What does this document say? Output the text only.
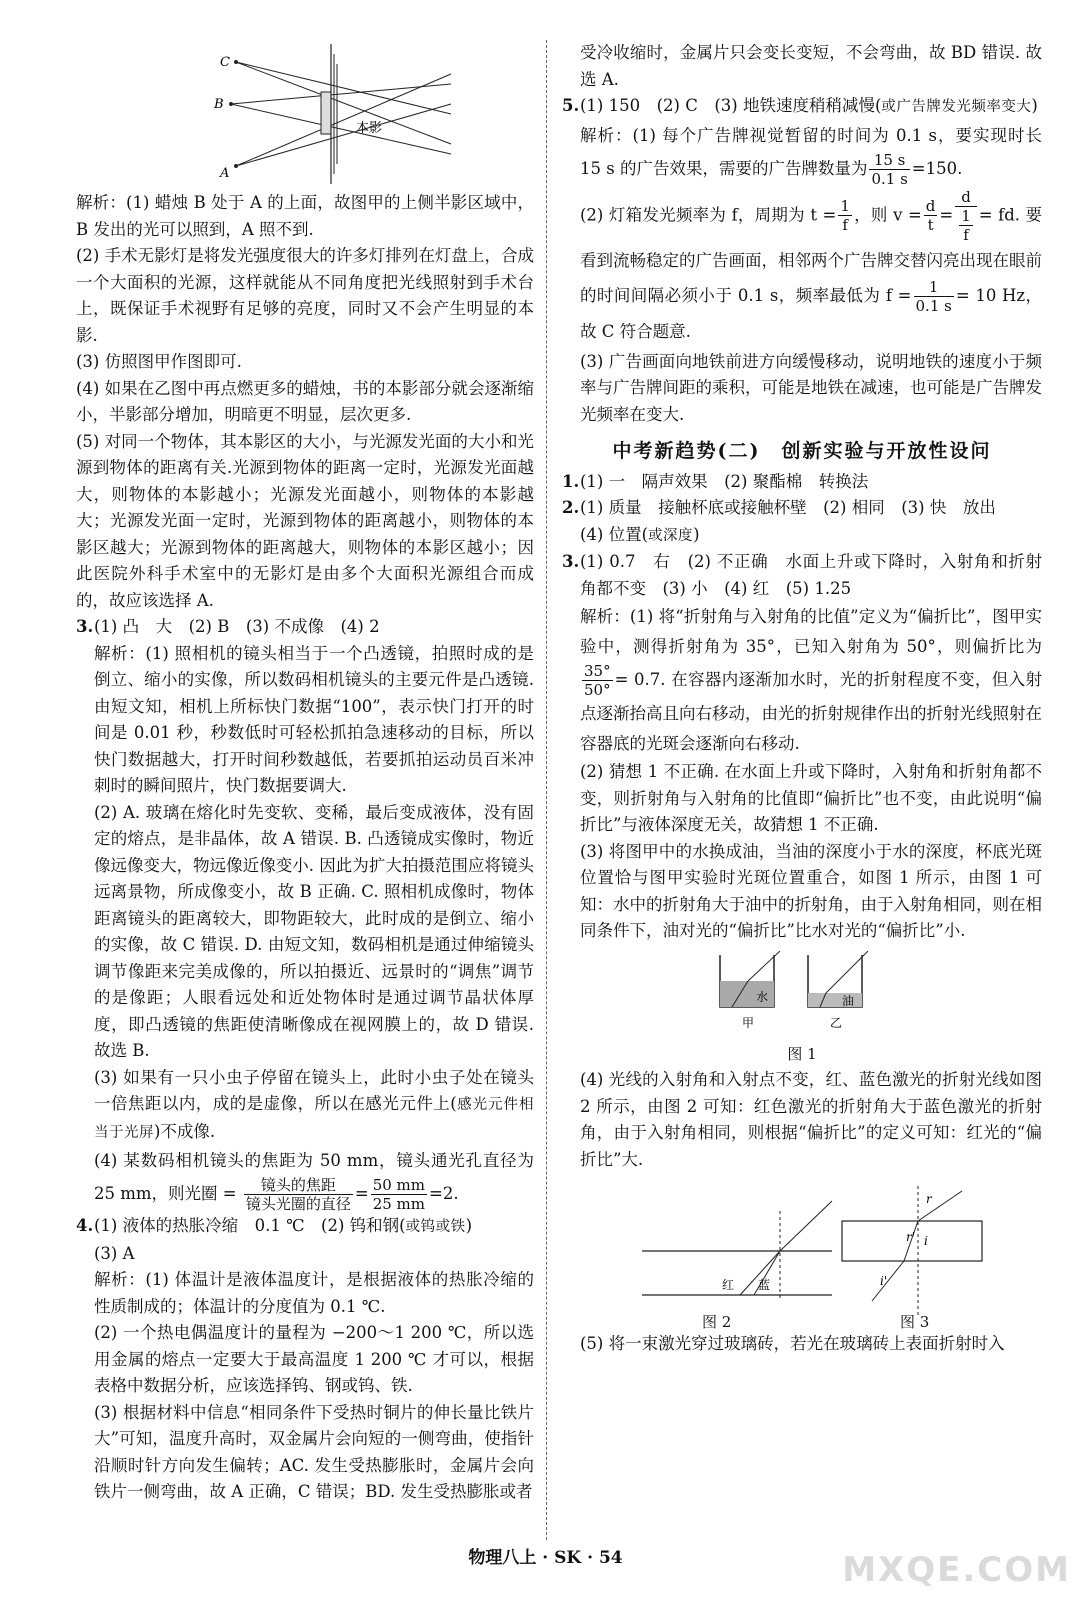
C
B
A
本影

解析：(1) 蜡烛 B 处于 A 的上面，故图甲的上侧半影区域中，B 发出的光可以照到，A 照不到.

(2) 手术无影灯是将发光强度很大的许多灯排列在灯盘上，合成一个大面积的光源，这样就能从不同角度把光线照射到手术台上，既保证手术视野有足够的亮度，同时又不会产生明显的本影.

(3) 仿照图甲作图即可.

(4) 如果在乙图中再点燃更多的蜡烛，书的本影部分就会逐渐缩小，半影部分增加，明暗更不明显，层次更多.

(5) 对同一个物体，其本影区的大小，与光源发光面的大小和光源到物体的距离有关.光源到物体的距离一定时，光源发光面越大，则物体的本影越小；光源发光面越小，则物体的本影越大；光源发光面一定时，光源到物体的距离越小，则物体的本影区越大；光源到物体的距离越大，则物体的本影区越小；因此医院外科手术室中的无影灯是由多个大面积光源组合而成的，故应该选择 A.

3.(1) 凸　大　(2) B　(3) 不成像　(4) 2

解析：(1) 照相机的镜头相当于一个凸透镜，拍照时成的是倒立、缩小的实像，所以数码相机镜头的主要元件是凸透镜. 由短文知，相机上所标快门数据“100”，表示快门打开的时间是 0.01 秒，秒数低时可轻松抓拍急速移动的目标，所以快门数据越大，打开时间秒数越低，若要抓拍运动员百米冲刺时的瞬间照片，快门数据要调大.

(2) A. 玻璃在熔化时先变软、变稀，最后变成液体，没有固定的熔点，是非晶体，故 A 错误. B. 凸透镜成实像时，物近像远像变大，物远像近像变小. 因此为扩大拍摄范围应将镜头远离景物，所成像变小，故 B 正确. C. 照相机成像时，物体距离镜头的距离较大，即物距较大，此时成的是倒立、缩小的实像，故 C 错误. D. 由短文知，数码相机是通过伸缩镜头调节像距来完美成像的，所以拍摄近、远景时的“调焦”调节的是像距；人眼看远处和近处物体时是通过调节晶状体厚度，即凸透镜的焦距使清晰像成在视网膜上的，故 D 错误. 故选 B.

(3) 如果有一只小虫子停留在镜头上，此时小虫子处在镜头一倍焦距以内，成的是虚像，所以在感光元件上(感光元件相当于光屏)不成像.

(4) 某数码相机镜头的焦距为 50 mm，镜头通光孔直径为 25 mm，则光圈 = $\frac{\text{镜头的焦距}}{\text{镜头光圈的直径}} = \frac{50 mm}{25 mm} =2$.

4.(1) 液体的热胀冷缩　0.1 ℃　(2) 钨和钢(或钨或铁)

(3) A

解析：(1) 体温计是液体温度计，是根据液体的热胀冷缩的性质制成的；体温计的分度值为 0.1 ℃.

(2) 一个热电偶温度计的量程为 −200～1 200 ℃，所以选用金属的熔点一定要大于最高温度 1 200 ℃ 才可以，根据表格中数据分析，应该选择钨、钢或钨、铁.

(3) 根据材料中信息“相同条件下受热时铜片的伸长量比铁片大”可知，温度升高时，双金属片会向短的一侧弯曲，使指针沿顺时针方向发生偏转；AC. 发生受热膨胀时，金属片会向铁片一侧弯曲，故 A 正确，C 错误；BD. 发生受热膨胀或者

受冷收缩时，金属片只会变长变短，不会弯曲，故 BD 错误. 故选 A.

5.(1) 150　(2) C　(3) 地铁速度稍稍减慢(或广告牌发光频率变大)

解析：(1) 每个广告牌视觉暂留的时间为 0.1 s，要实现时长 15 s 的广告效果，需要的广告牌数量为 $\frac{15 s}{0.1 s} =150$.

(2) 灯箱发光频率为 f，周期为 $t = \frac{1}{f}$ ，则 $v = \frac{d}{t} = d$
1
f = fd. 要看到流畅稳定的广告画面，相邻两个广告牌交替闪亮出现在眼前的时间间隔必须小于 0.1 s，频率最低为 $f = \frac{1}{0.1 s} = 10$ Hz，故 C 符合题意.

(3) 广告画面向地铁前进方向缓慢移动，说明地铁的速度小于频率与广告牌间距的乘积，可能是地铁在减速，也可能是广告牌发光频率在变大.

中考新趋势(二)　创新实验与开放性设问

1.(1) 一　隔声效果　(2) 聚酯棉　转换法

2.(1) 质量　接触杯底或接触杯壁　(2) 相同　(3) 快　放出

(4) 位置(或深度)

3.(1) 0.7　右　(2) 不正确　水面上升或下降时，入射角和折射角都不变　(3) 小　(4) 红　(5) 1.25

解析：(1) 将“折射角与入射角的比值”定义为“偏折比”，图甲实验中，测得折射角为 35°，已知入射角为 50°，则偏折比为
$\frac{35^\circ}{50^\circ} = 0.7$. 在容器内逐渐加水时，光的折射程度不变，但入射点逐渐抬高且向右移动，由光的折射规律作出的折射光线照射在容器底的光斑会逐渐向右移动.

(2) 猜想 1 不正确. 在水面上升或下降时，入射角和折射角都不变，则折射角与入射角的比值即“偏折比”也不变，由此说明“偏折比”与液体深度无关，故猜想 1 不正确.

(3) 将图甲中的水换成油，当油的深度小于水的深度，杯底光斑位置恰与图甲实验时光斑位置重合，如图 1 所示，由图 1 可知：水中的折射角大于油中的折射角，由于入射角相同，则在相同条件下，油对光的“偏折比”比水对光的“偏折比”小.

水	油
甲	乙
图 1

(4) 光线的入射角和入射点不变，红、蓝色激光的折射光线如图 2 所示，由图 2 可知：红色激光的折射角大于蓝色激光的折射角，由于入射角相同，则根据“偏折比”的定义可知：红光的“偏折比”大.

红 蓝
r
r' i
i'
图 2	图 3

(5) 将一束激光穿过玻璃砖，若光在玻璃砖上表面折射时入

物理八上 · SK · 54	MXQE.COM
